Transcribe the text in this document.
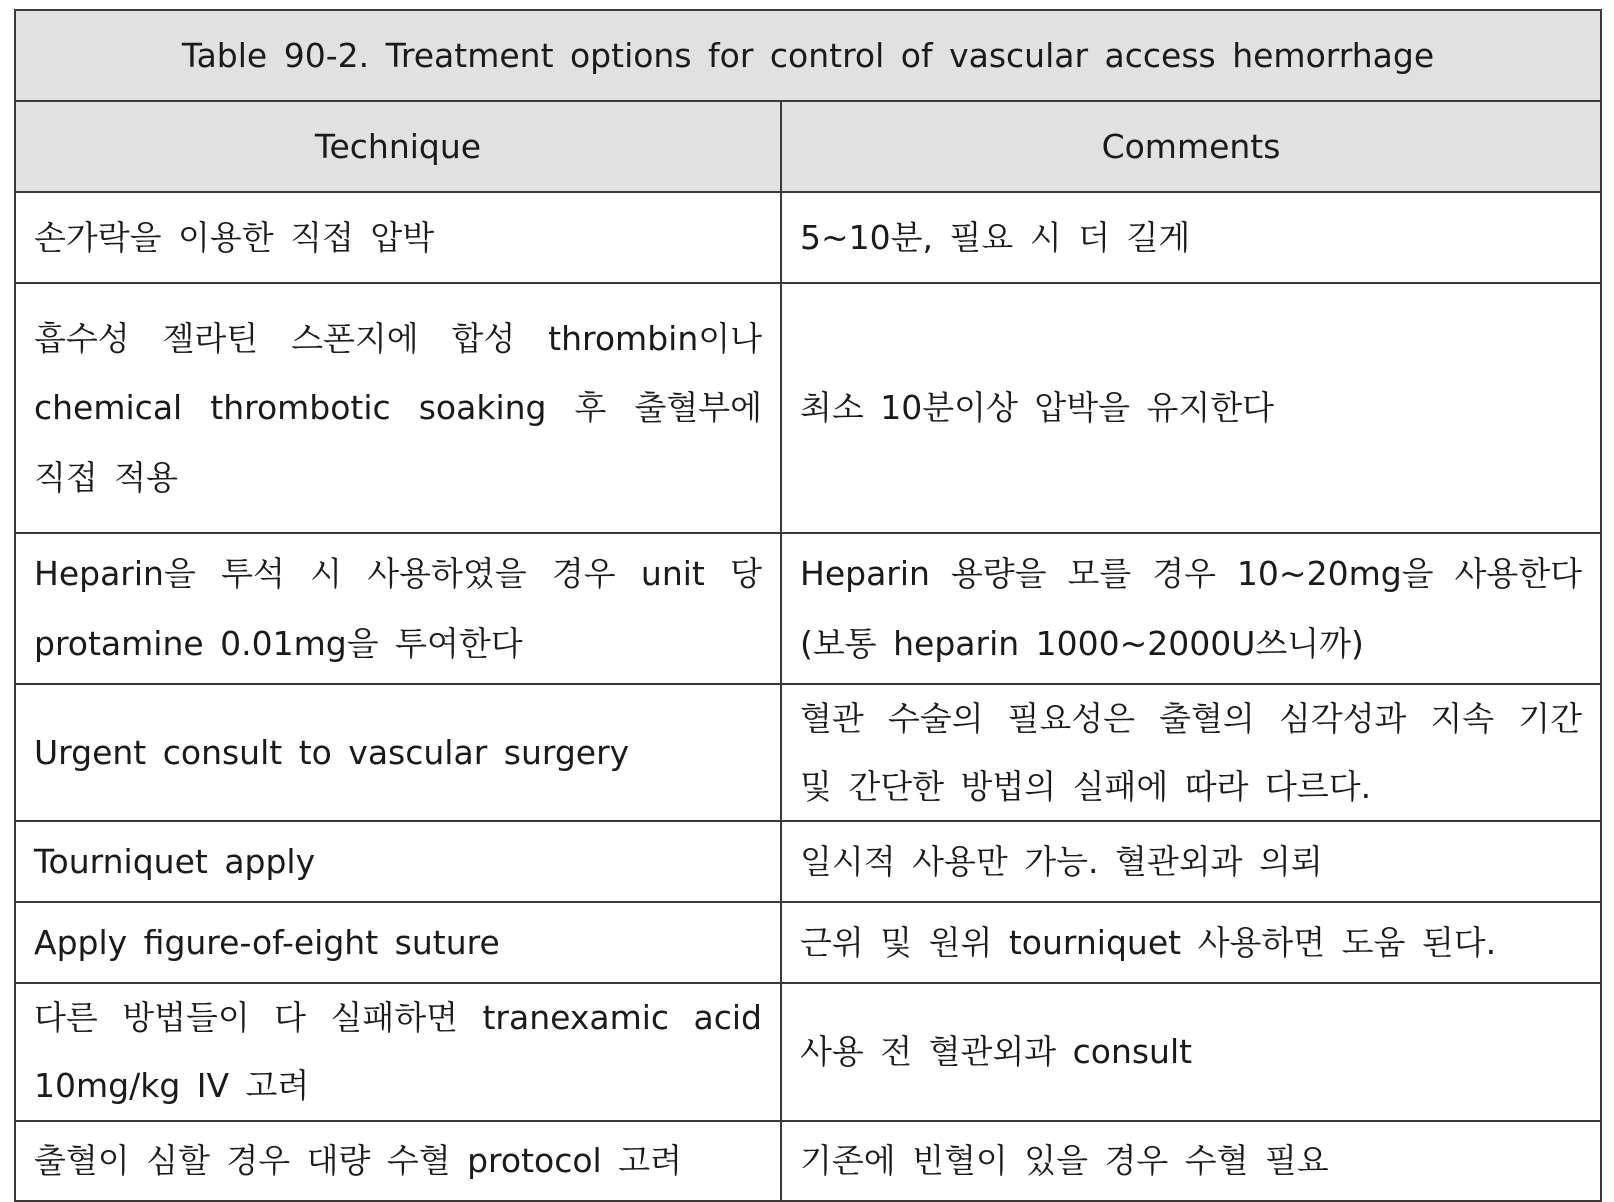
Table 90-2. Treatment options for control of vascular access hemorrhage	
Technique	Comments
손가락을 이용한 직접 압박	5~10분, 필요 시 더 길게
흡수성 젤라틴 스폰지에 합성 thrombin이나 chemical thrombotic soaking 후 출혈부에 직접 적용	최소 10분이상 압박을 유지한다
Heparin을 투석 시 사용하였을 경우 unit 당 protamine 0.01mg을 투여한다	Heparin 용량을 모를 경우 10~20mg을 사용한다(보통 heparin 1000~2000U쓰니까)
Urgent consult to vascular surgery	혈관 수술의 필요성은 출혈의 심각성과 지속 기간 및 간단한 방법의 실패에 따라 다르다.
Tourniquet apply	일시적 사용만 가능. 혈관외과 의뢰
Apply figure-of-eight suture	근위 및 원위 tourniquet 사용하면 도움 된다.
다른 방법들이 다 실패하면 tranexamic acid 10mg/kg IV 고려	사용 전 혈관외과 consult
출혈이 심할 경우 대량 수혈 protocol 고려	기존에 빈혈이 있을 경우 수혈 필요
